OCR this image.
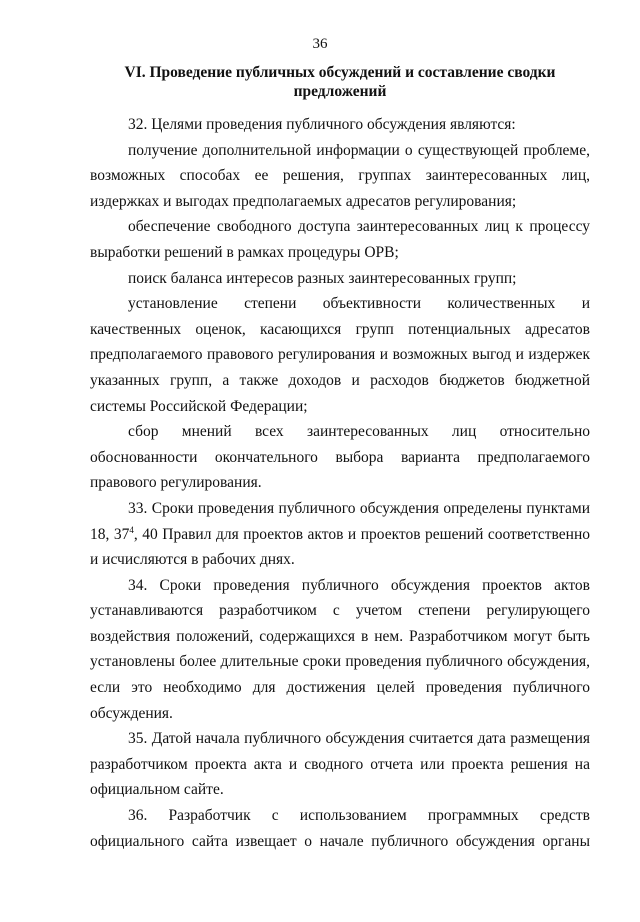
36
VI. Проведение публичных обсуждений и составление сводки предложений

32. Целями проведения публичного обсуждения являются:

получение дополнительной информации о существующей проблеме, возможных способах ее решения, группах заинтересованных лиц, издержках и выгодах предполагаемых адресатов регулирования;

обеспечение свободного доступа заинтересованных лиц к процессу выработки решений в рамках процедуры ОРВ;

поиск баланса интересов разных заинтересованных групп;

установление степени объективности количественных и качественных оценок, касающихся групп потенциальных адресатов предполагаемого правового регулирования и возможных выгод и издержек указанных групп, а также доходов и расходов бюджетов бюджетной системы Российской Федерации;

сбор мнений всех заинтересованных лиц относительно обоснованности окончательного выбора варианта предполагаемого правового регулирования.

33. Сроки проведения публичного обсуждения определены пунктами 18, $37^4$, 40 Правил для проектов актов и проектов решений соответственно и исчисляются в рабочих днях.

34. Сроки проведения публичного обсуждения проектов актов устанавливаются разработчиком с учетом степени регулирующего воздействия положений, содержащихся в нем. Разработчиком могут быть установлены более длительные сроки проведения публичного обсуждения, если это необходимо для достижения целей проведения публичного обсуждения.

35. Датой начала публичного обсуждения считается дата размещения разработчиком проекта акта и сводного отчета или проекта решения на официальном сайте.

36. Разработчик с использованием программных средств официального сайта извещает о начале публичного обсуждения органы
